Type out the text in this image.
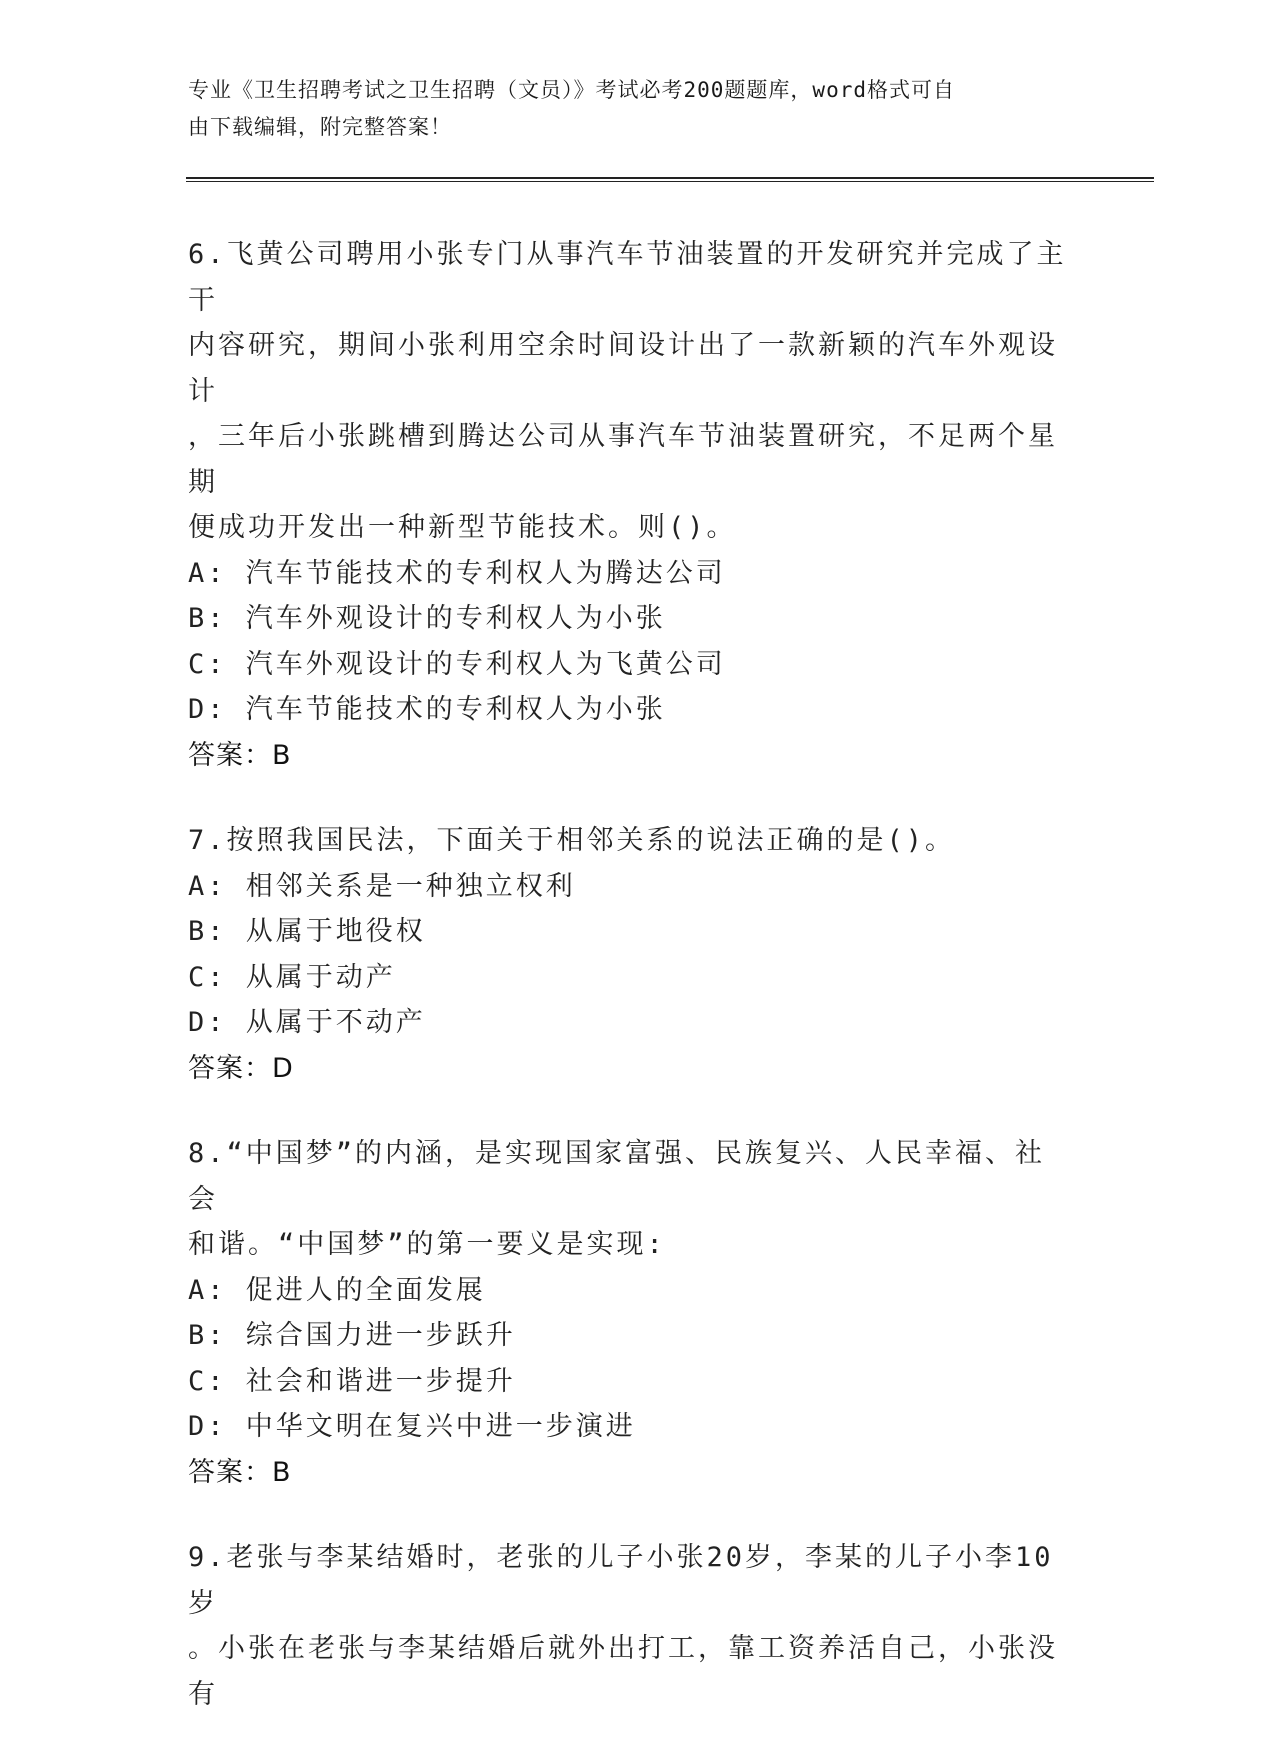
专业《卫生招聘考试之卫生招聘（文员）》考试必考200题题库，word格式可自
由下载编辑，附完整答案！
6.飞黄公司聘用小张专门从事汽车节油装置的开发研究并完成了主干
内容研究，期间小张利用空余时间设计出了一款新颖的汽车外观设计
，三年后小张跳槽到腾达公司从事汽车节油装置研究，不足两个星期
便成功开发出一种新型节能技术。则()。
A: 汽车节能技术的专利权人为腾达公司
B: 汽车外观设计的专利权人为小张
C: 汽车外观设计的专利权人为飞黄公司
D: 汽车节能技术的专利权人为小张
答案：B
7.按照我国民法，下面关于相邻关系的说法正确的是()。
A: 相邻关系是一种独立权利
B: 从属于地役权
C: 从属于动产
D: 从属于不动产
答案：D
8.“中国梦”的内涵，是实现国家富强、民族复兴、人民幸福、社会
和谐。“中国梦”的第一要义是实现:
A: 促进人的全面发展
B: 综合国力进一步跃升
C: 社会和谐进一步提升
D: 中华文明在复兴中进一步演进
答案：B
9.老张与李某结婚时，老张的儿子小张20岁，李某的儿子小李10岁
。小张在老张与李某结婚后就外出打工，靠工资养活自己，小张没有
